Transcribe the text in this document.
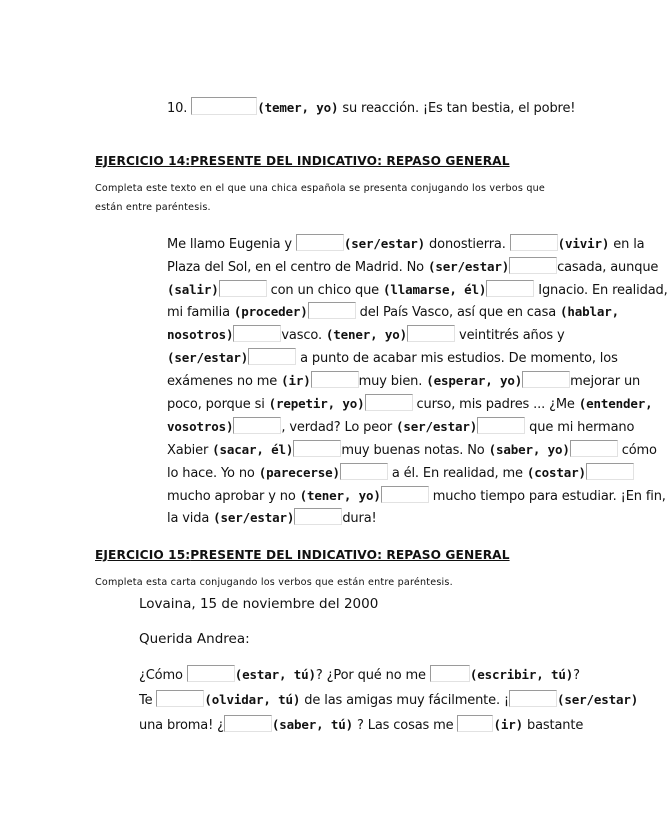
10.	(temer, yo) su reacción. ¡Es tan bestia, el pobre!
EJERCICIO 14:PRESENTE DEL INDICATIVO: REPASO GENERAL
Completa este texto en el que una chica española se presenta conjugando los verbos que
están entre paréntesis.
Me llamo Eugenia y	(ser/estar) donostierra.	(vivir) en la
Plaza del Sol, en el centro de Madrid. No (ser/estar)	casada, aunque
(salir)	con un chico que (llamarse, él)	Ignacio. En realidad,
mi familia (proceder)	del País Vasco, así que en casa (hablar,
nosotros)	vasco. (tener, yo)	veintitrés años y
(ser/estar)	a punto de acabar mis estudios. De momento, los
exámenes no me (ir)	muy bien. (esperar, yo)	mejorar un
poco, porque si (repetir, yo)	curso, mis padres ... ¿Me (entender,
vosotros)	, verdad? Lo peor (ser/estar)	que mi hermano
Xabier (sacar, él)	muy buenas notas. No (saber, yo)	cómo
lo hace. Yo no (parecerse)	a él. En realidad, me (costar)
mucho aprobar y no (tener, yo)	mucho tiempo para estudiar. ¡En fin,
la vida (ser/estar)	dura!
EJERCICIO 15:PRESENTE DEL INDICATIVO: REPASO GENERAL
Completa esta carta conjugando los verbos que están entre paréntesis.
Lovaina, 15 de noviembre del 2000
Querida Andrea:
¿Cómo	(estar, tú)? ¿Por qué no me	(escribir, tú)?
Te	(olvidar, tú) de las amigas muy fácilmente. ¡	(ser/estar)
una broma! ¿	(saber, tú) ? Las cosas me	(ir) bastante
